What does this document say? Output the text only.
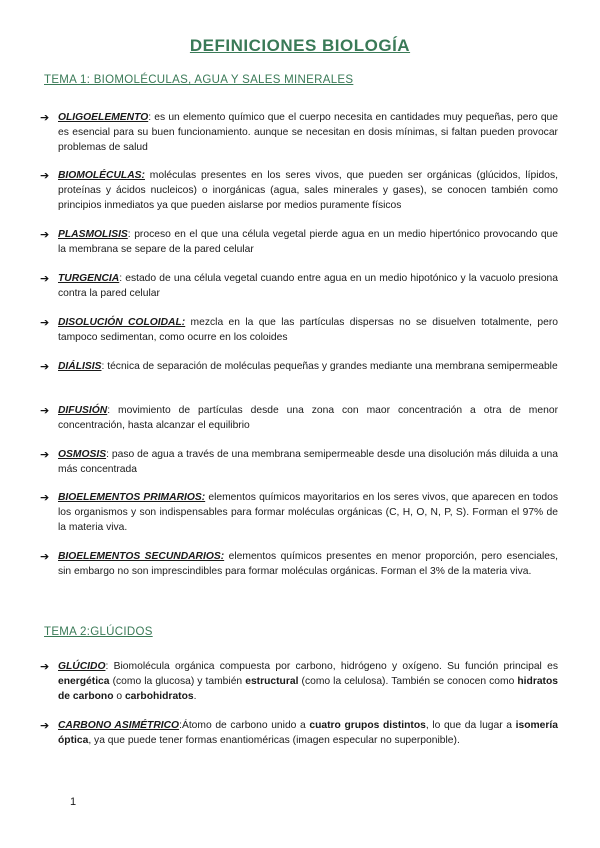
DEFINICIONES BIOLOGÍA
TEMA 1: BIOMOLÉCULAS, AGUA Y SALES MINERALES
➔ OLIGOELEMENTO: es un elemento químico que el cuerpo necesita en cantidades muy pequeñas, pero que es esencial para su buen funcionamiento. aunque se necesitan en dosis mínimas, si faltan pueden provocar problemas de salud
➔ BIOMOLÉCULAS: moléculas presentes en los seres vivos, que pueden ser orgánicas (glúcidos, lípidos, proteínas y ácidos nucleicos) o inorgánicas (agua, sales minerales y gases), se conocen también como principios inmediatos ya que pueden aislarse por medios puramente físicos
➔ PLASMOLISIS: proceso en el que una célula vegetal pierde agua en un medio hipertónico provocando que la membrana se separe de la pared celular
➔ TURGENCIA: estado de una célula vegetal cuando entre agua en un medio hipotónico y la vacuolo presiona contra la pared celular
➔ DISOLUCIÓN COLOIDAL: mezcla en la que las partículas dispersas no se disuelven totalmente, pero tampoco sedimentan, como ocurre en los coloides
➔ DIÁLISIS: técnica de separación de moléculas pequeñas y grandes mediante una membrana semipermeable
➔ DIFUSIÓN: movimiento de partículas desde una zona con maor concentración a otra de menor concentración, hasta alcanzar el equilibrio
➔ OSMOSIS: paso de agua a través de una membrana semipermeable desde una disolución más diluida a una más concentrada
➔ BIOELEMENTOS PRIMARIOS: elementos químicos mayoritarios en los seres vivos, que aparecen en todos los organismos y son indispensables para formar moléculas orgánicas (C, H, O, N, P, S). Forman el 97% de la materia viva.
➔ BIOELEMENTOS SECUNDARIOS: elementos químicos presentes en menor proporción, pero esenciales, sin embargo no son imprescindibles para formar moléculas orgánicas. Forman el 3% de la materia viva.
TEMA 2:GLÚCIDOS
➔ GLÚCIDO: Biomolécula orgánica compuesta por carbono, hidrógeno y oxígeno. Su función principal es energética (como la glucosa) y también estructural (como la celulosa). También se conocen como hidratos de carbono o carbohidratos.
➔ CARBONO ASIMÉTRICO:Átomo de carbono unido a cuatro grupos distintos, lo que da lugar a isomería óptica, ya que puede tener formas enantioméricas (imagen especular no superponible).
1
